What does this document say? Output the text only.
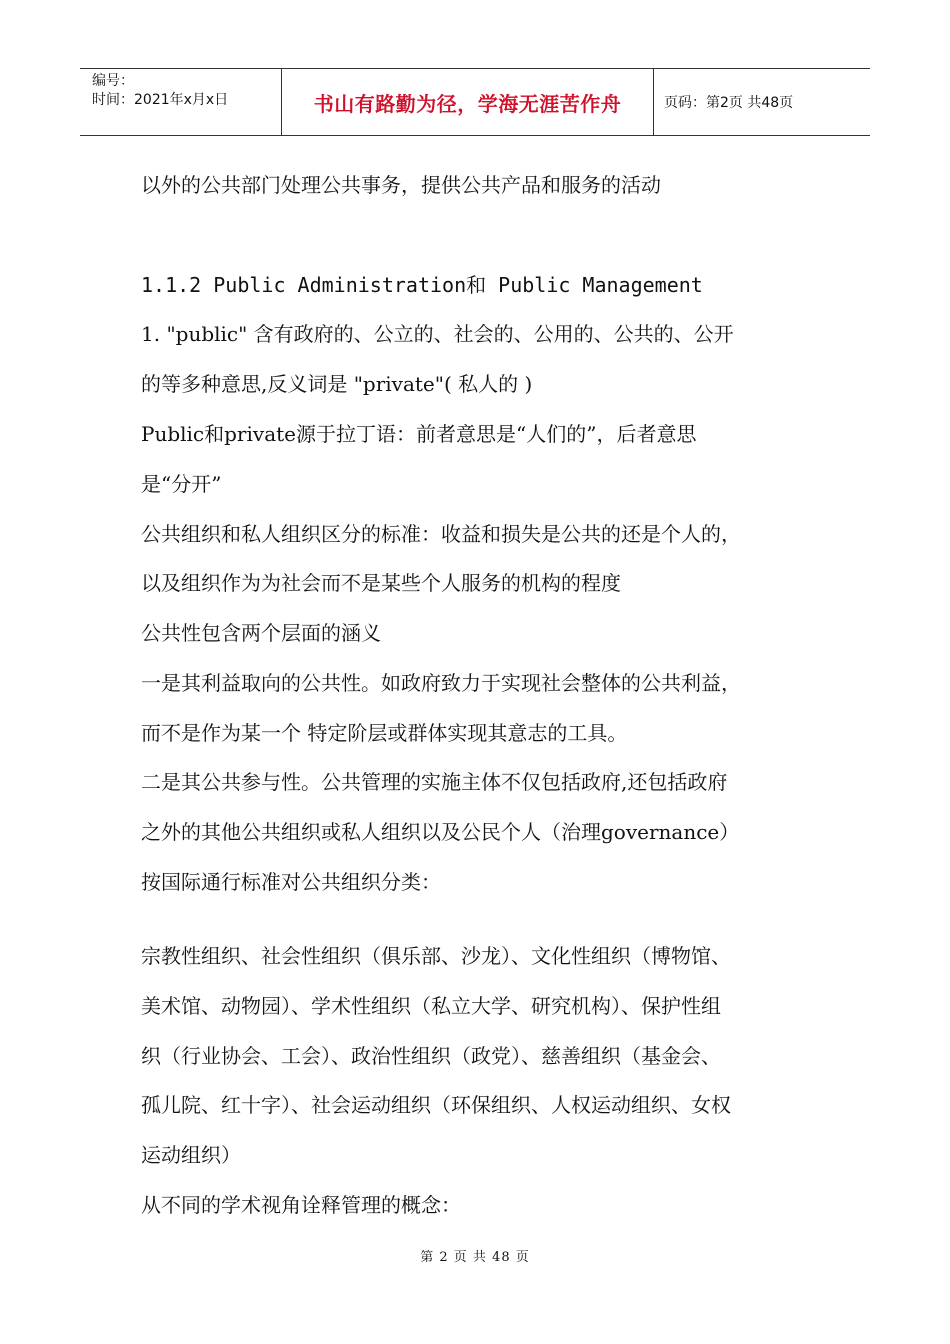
编号：
时间：2021年x月x日	书山有路勤为径，学海无涯苦作舟	页码：第2页 共48页
以外的公共部门处理公共事务，提供公共产品和服务的活动
1.1.2 Public Administration和 Public Management
1. "public" 含有政府的、公立的、社会的、公用的、公共的、公开
的等多种意思,反义词是 "private"( 私人的 )
Public和private源于拉丁语：前者意思是“人们的”，后者意思
是“分开”
公共组织和私人组织区分的标准：收益和损失是公共的还是个人的，
以及组织作为为社会而不是某些个人服务的机构的程度
公共性包含两个层面的涵义
一是其利益取向的公共性。如政府致力于实现社会整体的公共利益，
而不是作为某一个 特定阶层或群体实现其意志的工具。
二是其公共参与性。公共管理的实施主体不仅包括政府,还包括政府
之外的其他公共组织或私人组织以及公民个人（治理governance）
按国际通行标准对公共组织分类：
宗教性组织、社会性组织（俱乐部、沙龙）、文化性组织（博物馆、
美术馆、动物园）、学术性组织（私立大学、研究机构）、保护性组
织（行业协会、工会）、政治性组织（政党）、慈善组织（基金会、
孤儿院、红十字）、社会运动组织（环保组织、人权运动组织、女权
运动组织）
从不同的学术视角诠释管理的概念：
第 2 页 共 48 页
